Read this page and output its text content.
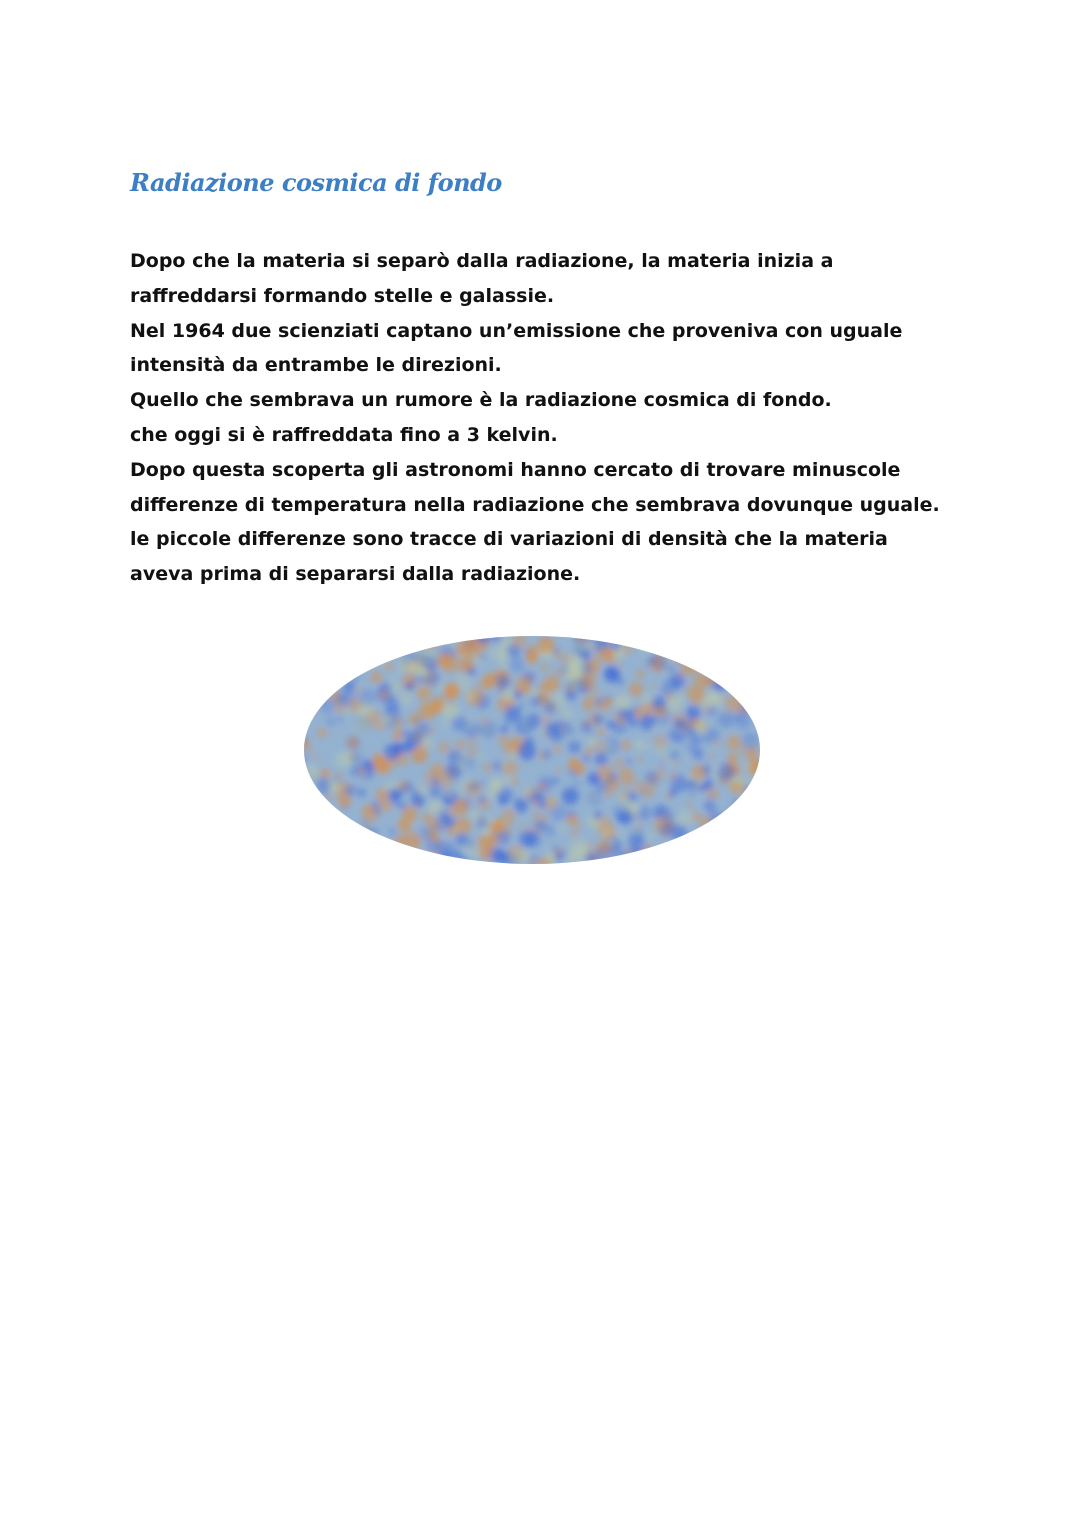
Radiazione cosmica di fondo
Dopo che la materia si separò dalla radiazione, la materia inizia a
raffreddarsi formando stelle e galassie.
Nel 1964 due scienziati captano un’emissione che proveniva con uguale
intensità da entrambe le direzioni.
Quello che sembrava un rumore è la radiazione cosmica di fondo.
che oggi si è raffreddata fino a 3 kelvin.
Dopo questa scoperta gli astronomi hanno cercato di trovare minuscole
differenze di temperatura nella radiazione che sembrava dovunque uguale.
le piccole differenze sono tracce di variazioni di densità che la materia
aveva prima di separarsi dalla radiazione.
